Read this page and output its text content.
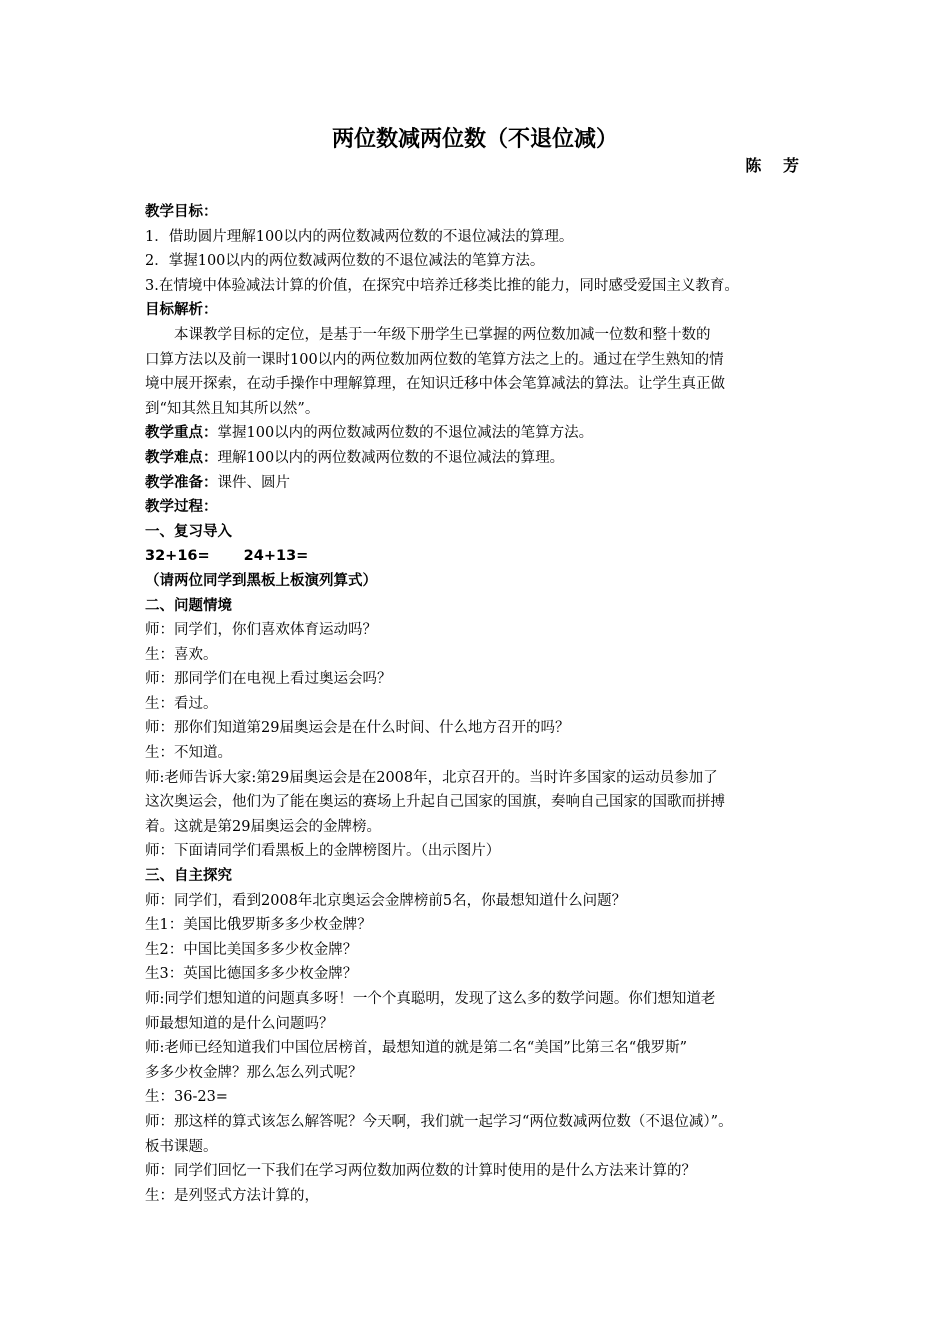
两位数减两位数（不退位减）
陈 芳
教学目标：
1．借助圆片理解100以内的两位数减两位数的不退位减法的算理。
2．掌握100以内的两位数减两位数的不退位减法的笔算方法。
3.在情境中体验减法计算的价值，在探究中培养迁移类比推的能力，同时感受爱国主义教育。
目标解析：
本课教学目标的定位，是基于一年级下册学生已掌握的两位数加减一位数和整十数的
口算方法以及前一课时100以内的两位数加两位数的笔算方法之上的。通过在学生熟知的情
境中展开探索，在动手操作中理解算理，在知识迁移中体会笔算减法的算法。让学生真正做
到“知其然且知其所以然”。
教学重点：掌握100以内的两位数减两位数的不退位减法的笔算方法。
教学难点：理解100以内的两位数减两位数的不退位减法的算理。
教学准备：课件、圆片
教学过程：
一、复习导入
32+16= 24+13=
（请两位同学到黑板上板演列算式）
二、问题情境
师：同学们，你们喜欢体育运动吗？
生：喜欢。
师：那同学们在电视上看过奥运会吗？
生：看过。
师：那你们知道第29届奥运会是在什么时间、什么地方召开的吗？
生：不知道。
师:老师告诉大家:第29届奥运会是在2008年，北京召开的。当时许多国家的运动员参加了
这次奥运会，他们为了能在奥运的赛场上升起自己国家的国旗，奏响自己国家的国歌而拼搏
着。这就是第29届奥运会的金牌榜。
师：下面请同学们看黑板上的金牌榜图片。（出示图片）
三、自主探究
师：同学们，看到2008年北京奥运会金牌榜前5名，你最想知道什么问题？
生1：美国比俄罗斯多多少枚金牌？
生2：中国比美国多多少枚金牌？
生3：英国比德国多多少枚金牌？
师:同学们想知道的问题真多呀！一个个真聪明，发现了这么多的数学问题。你们想知道老
师最想知道的是什么问题吗？
师:老师已经知道我们中国位居榜首，最想知道的就是第二名“美国”比第三名“俄罗斯”
多多少枚金牌？那么怎么列式呢？
生：36-23=
师：那这样的算式该怎么解答呢？今天啊，我们就一起学习“两位数减两位数（不退位减）”。
板书课题。
师：同学们回忆一下我们在学习两位数加两位数的计算时使用的是什么方法来计算的？
生：是列竖式方法计算的，
